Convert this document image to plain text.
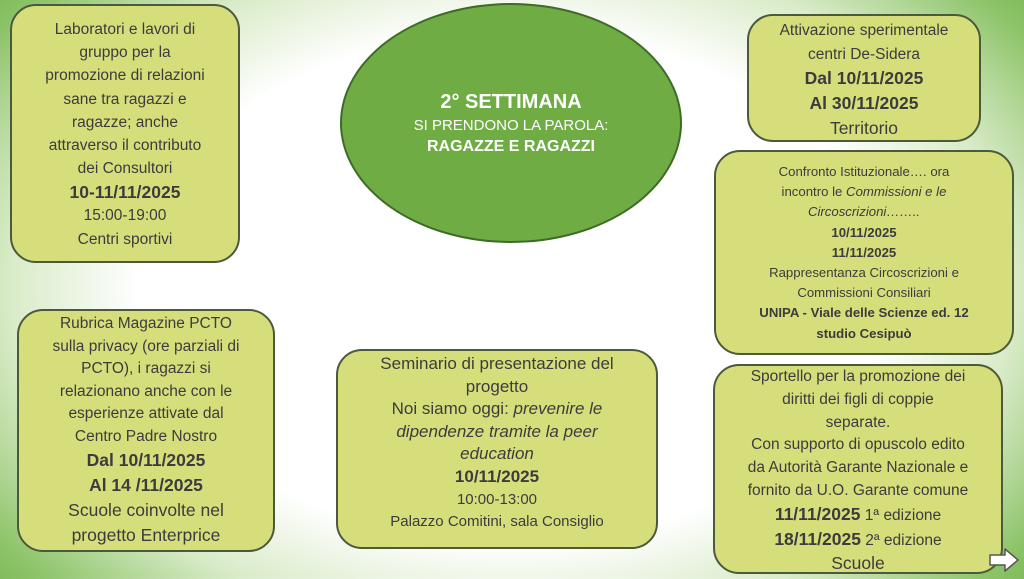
Laboratori e lavori di
gruppo per la
promozione di relazioni
sane tra ragazzi e
ragazze; anche
attraverso il contributo
dei Consultori
10-11/11/2025
15:00-19:00
Centri sportivi
Rubrica Magazine PCTO
sulla privacy (ore parziali di
PCTO), i ragazzi si
relazionano anche con le
esperienze attivate dal
Centro Padre Nostro
Dal 10/11/2025
Al 14 /11/2025
Scuole coinvolte nel
progetto Enterprice
2° SETTIMANA
SI PRENDONO LA PAROLA:
RAGAZZE E RAGAZZI
Seminario di presentazione del
progetto
Noi siamo oggi: prevenire le
dipendenze tramite la peer
education
10/11/2025
10:00-13:00
Palazzo Comitini, sala Consiglio
Attivazione sperimentale
centri De-Sidera
Dal 10/11/2025
Al 30/11/2025
Territorio
Confronto Istituzionale…. ora
incontro le Commissioni e le
Circoscrizioni……..
10/11/2025
11/11/2025
Rappresentanza Circoscrizioni e
Commissioni Consiliari
UNIPA - Viale delle Scienze ed. 12
studio Cesipuò
Sportello per la promozione dei
diritti dei figli di coppie
separate.
Con supporto di opuscolo edito
da Autorità Garante Nazionale e
fornito da U.O. Garante comune
11/11/2025 1ª edizione
18/11/2025 2ª edizione
Scuole
